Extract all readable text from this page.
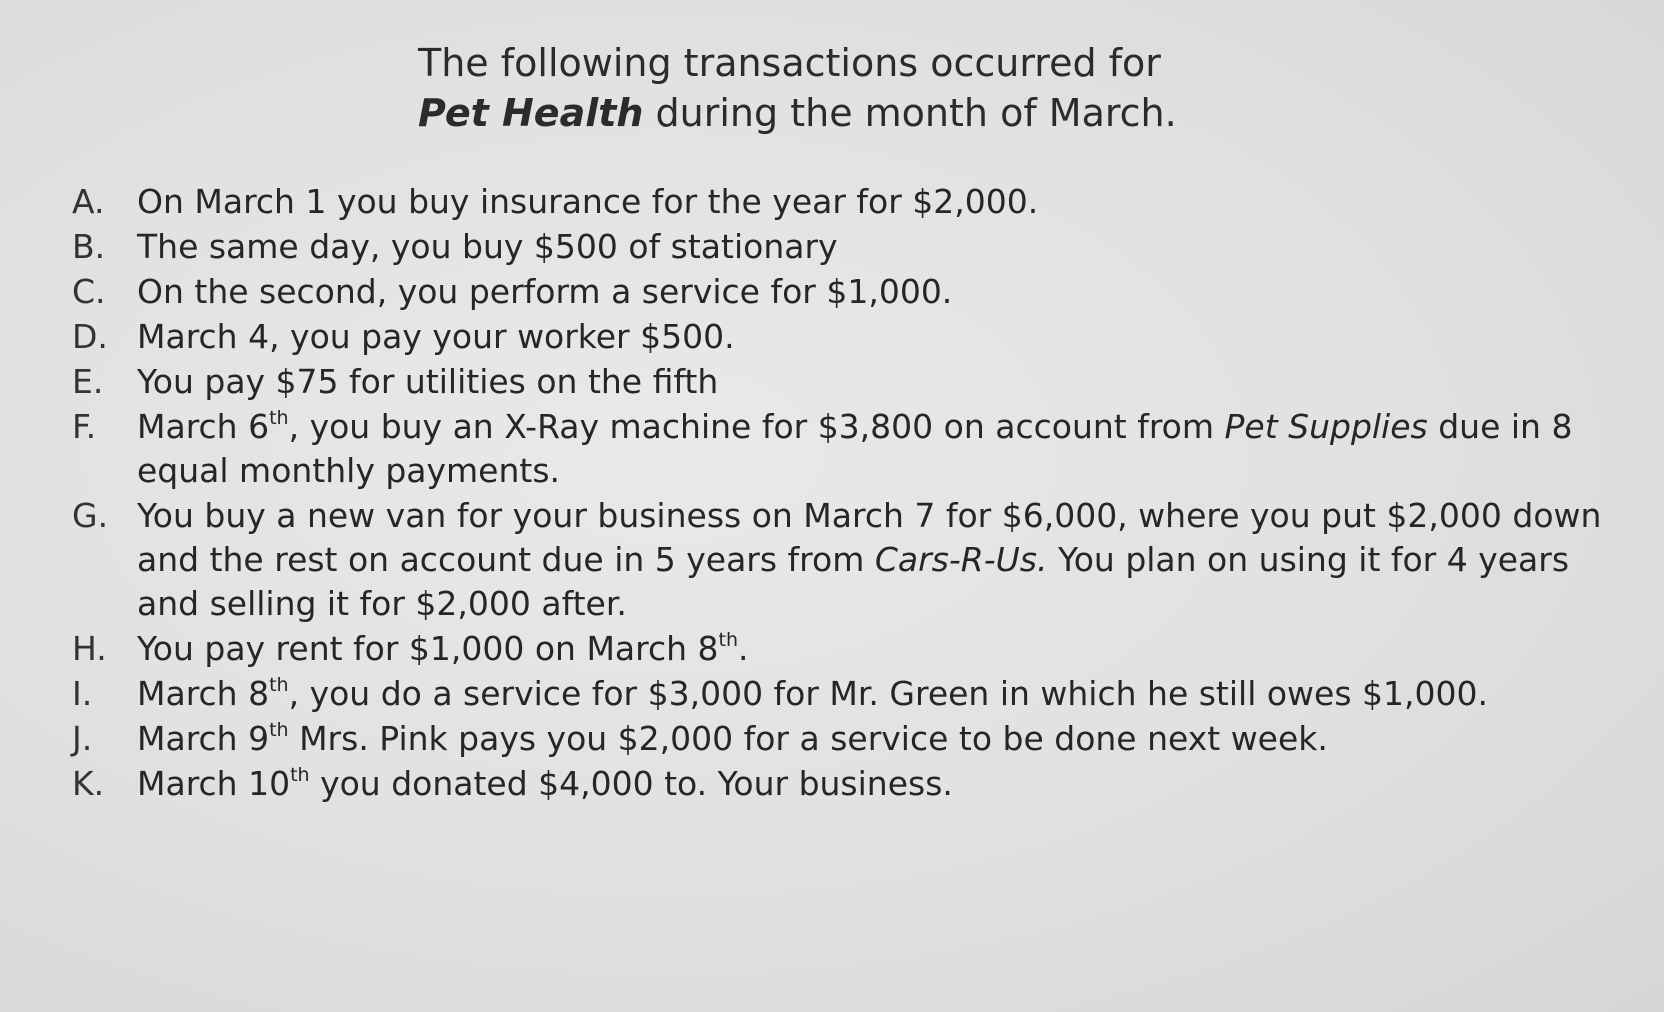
The following transactions occurred for
Pet Health during the month of March.
A. On March 1 you buy insurance for the year for $2,000.
B. The same day, you buy $500 of stationary
C. On the second, you perform a service for $1,000.
D. March 4, you pay your worker $500.
E.	You pay $75 for utilities on the fifth
F.	March 6th, you buy an X-Ray machine for $3,800 on account from Pet Supplies due in 8 equal monthly payments.
G. You buy a new van for your business on March 7 for $6,000, where you put $2,000 down and the rest on account due in 5 years from Cars-R-Us. You plan on using it for 4 years and selling it for $2,000 after.
H. You pay rent for $1,000 on March 8th.
I.	March 8th, you do a service for $3,000 for Mr. Green in which he still owes $1,000.
J.	March 9th Mrs. Pink pays you $2,000 for a service to be done next week.
K. March 10th you donated $4,000 to. Your business.
